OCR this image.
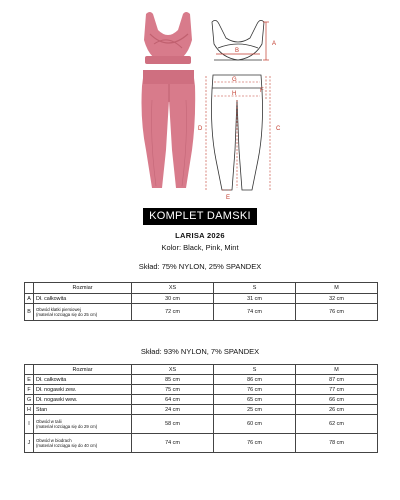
A
B
C
D
E
F
G
H
KOMPLET DAMSKI
LARISA 2026
Kolor: Black, Pink, Mint
Skład: 75% NYLON, 25% SPANDEX
	Rozmiar	XS	S	M
A	Dł. całkowita	30 cm	31 cm	32 cm
B	Obwód klatki piersiowej
(materiał rozciąga się do 25 cm)	72 cm	74 cm	76 cm
Skład: 93% NYLON, 7% SPANDEX
	Rozmiar	XS	S	M
E	Dł. całkowita	85 cm	86 cm	87 cm
F	Dł. nogawki zew.	75 cm	76 cm	77 cm
G	Dł. nogawki wew.	64 cm	65 cm	66 cm
H	Stan	24 cm	25 cm	26 cm
I	Obwód w talii
(materiał rozciąga się do 29 cm)	58 cm	60 cm	62 cm
J	Obwód w biodrach
(materiał rozciąga się do 40 cm)	74 cm	76 cm	78 cm
